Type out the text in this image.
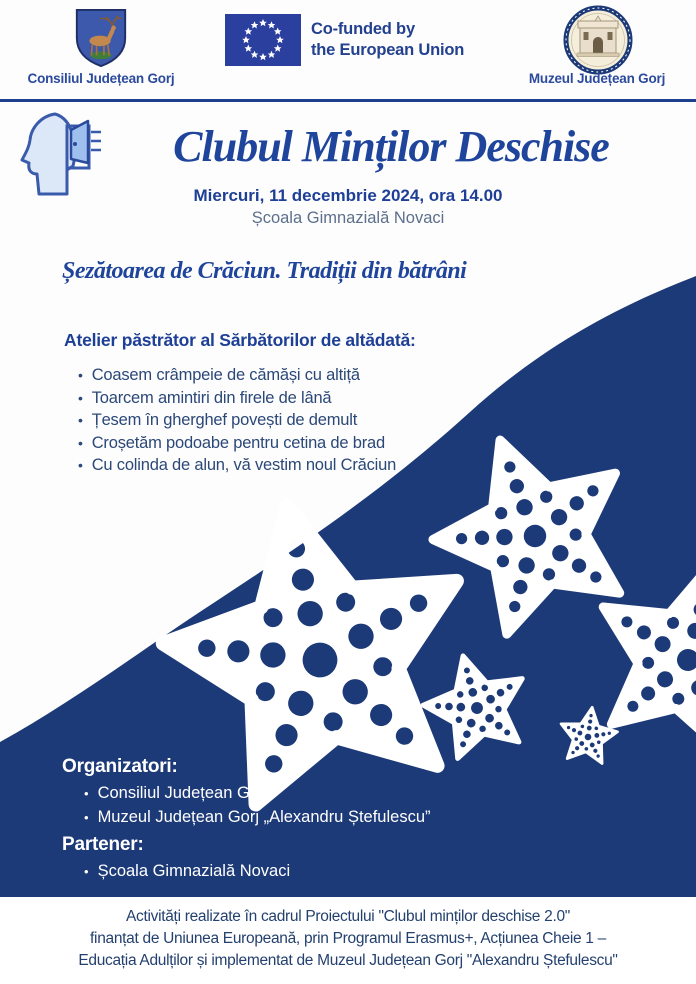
Consiliul Județean Gorj
Co-funded by
the European Union
Muzeul Județean Gorj
Clubul Minților Deschise
Miercuri, 11 decembrie 2024, ora 14.00
Școala Gimnazială Novaci
Șezătoarea de Crăciun. Tradiții din bătrâni
Atelier păstrător al Sărbătorilor de altădată:
• Coasem crâmpeie de cămăși cu altiță
• Toarcem amintiri din firele de lână
• Țesem în gherghef povești de demult
• Croșetăm podoabe pentru cetina de brad
• Cu colinda de alun, vă vestim noul Crăciun
Organizatori:
• Consiliul Județean Gorj
• Muzeul Județean Gorj „Alexandru Ștefulescu”
Partener:
• Școala Gimnazială Novaci
Activități realizate în cadrul Proiectului "Clubul minților deschise 2.0"
finanțat de Uniunea Europeană, prin Programul Erasmus+, Acțiunea Cheie 1 –
Educația Adulților și implementat de Muzeul Județean Gorj "Alexandru Ștefulescu"
